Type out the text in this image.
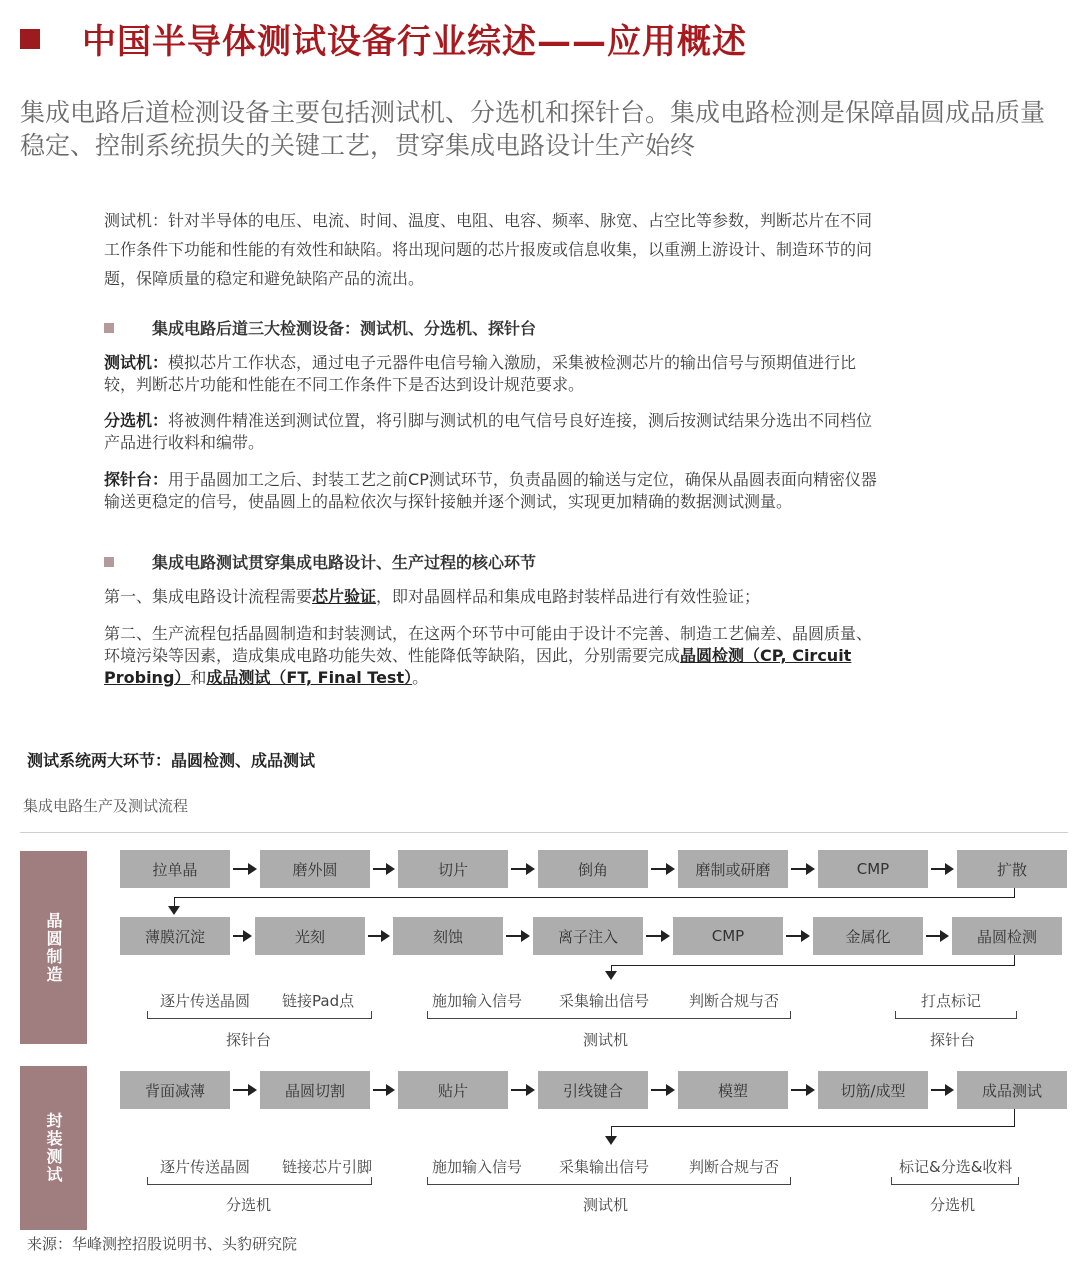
中国半导体测试设备行业综述——应用概述
集成电路后道检测设备主要包括测试机、分选机和探针台。集成电路检测是保障晶圆成品质量稳定、控制系统损失的关键工艺，贯穿集成电路设计生产始终
测试机：针对半导体的电压、电流、时间、温度、电阻、电容、频率、脉宽、占空比等参数，判断芯片在不同工作条件下功能和性能的有效性和缺陷。将出现问题的芯片报废或信息收集，以重溯上游设计、制造环节的问题，保障质量的稳定和避免缺陷产品的流出。
集成电路后道三大检测设备：测试机、分选机、探针台
测试机：模拟芯片工作状态，通过电子元器件电信号输入激励，采集被检测芯片的输出信号与预期值进行比较，判断芯片功能和性能在不同工作条件下是否达到设计规范要求。
分选机：将被测件精准送到测试位置，将引脚与测试机的电气信号良好连接，测后按测试结果分选出不同档位产品进行收料和编带。
探针台：用于晶圆加工之后、封装工艺之前CP测试环节，负责晶圆的输送与定位，确保从晶圆表面向精密仪器输送更稳定的信号，使晶圆上的晶粒依次与探针接触并逐个测试，实现更加精确的数据测试测量。
集成电路测试贯穿集成电路设计、生产过程的核心环节
第一、集成电路设计流程需要芯片验证，即对晶圆样品和集成电路封装样品进行有效性验证；
第二、生产流程包括晶圆制造和封装测试，在这两个环节中可能由于设计不完善、制造工艺偏差、晶圆质量、环境污染等因素，造成集成电路功能失效、性能降低等缺陷，因此，分别需要完成晶圆检测（CP, Circuit Probing）和成品测试（FT, Final Test）。
测试系统两大环节：晶圆检测、成品测试
集成电路生产及测试流程
晶圆制造
封装测试
来源：华峰测控招股说明书、头豹研究院
拉单晶	磨外圆	切片	倒角	磨制或研磨	CMP	扩散
薄膜沉淀	光刻	刻蚀	离子注入	CMP	金属化	晶圆检测
背面减薄	晶圆切割	贴片	引线键合	模塑	切筋/成型	成品测试
逐片传送晶圆 链接Pad点
探针台
施加输入信号 采集输出信号	判断合规与否
测试机
打点标记
探针台
逐片传送晶圆 链接芯片引脚
分选机
施加输入信号 采集输出信号	判断合规与否
测试机
标记&分选&收料
分选机
